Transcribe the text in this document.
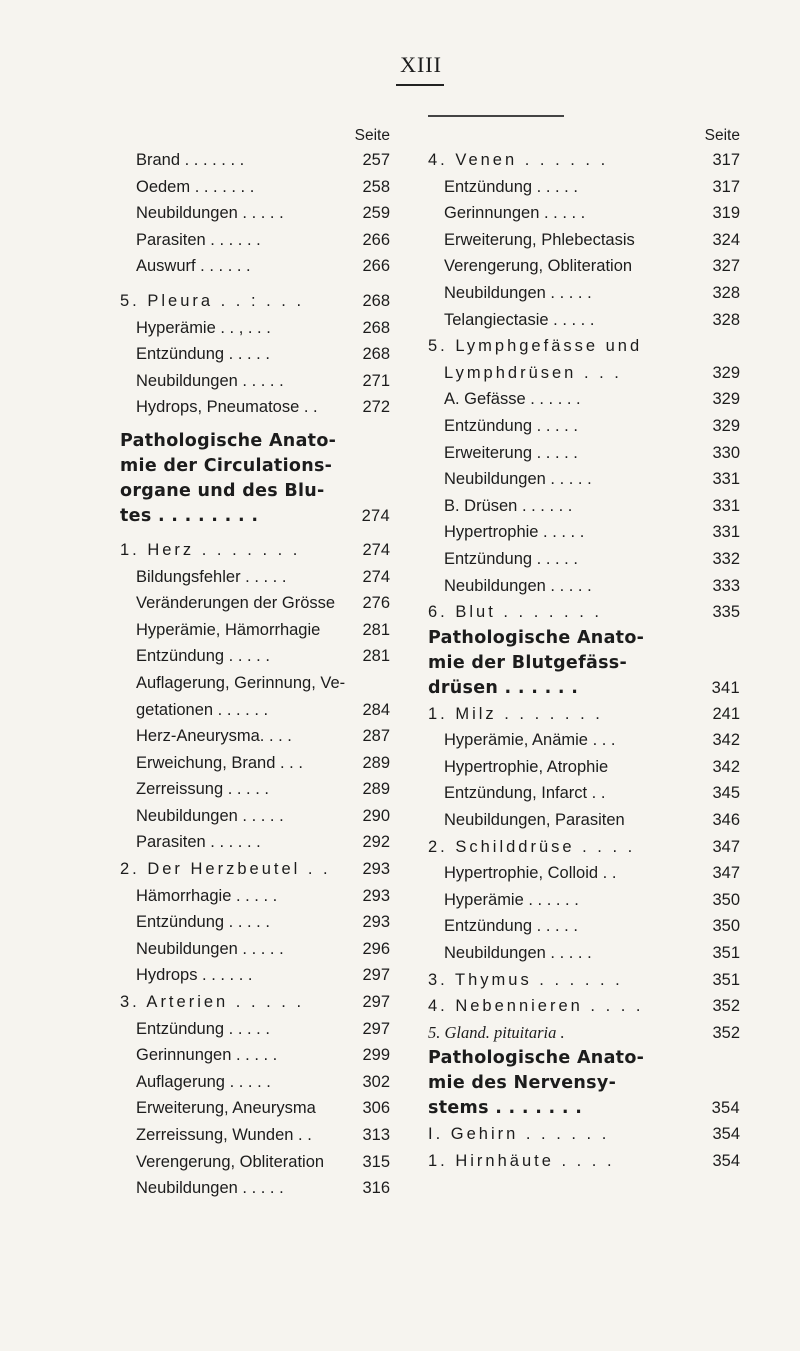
XIII
Seite
Brand . . . . . . .	257
Oedem . . . . . . .	258
Neubildungen . . . . .	259
Parasiten . . . . . .	266
Auswurf . . . . . .	266
5. Pleura . . : . . .	268
Hyperämie . . , . . .	268
Entzündung . . . . .	268
Neubildungen . . . . .	271
Hydrops, Pneumatose . .	272
Pathologische Anato-
mie der Circulations-
organe und des Blu-
tes . . . . . . . .	274
1. Herz . . . . . . .	274
Bildungsfehler . . . . .	274
Veränderungen der Grösse 276
Hyperämie, Hämorrhagie	281
Entzündung . . . . .	281
Auflagerung, Gerinnung, Ve-
getationen . . . . . .	284
Herz-Aneurysma. . . .	287
Erweichung, Brand . . .	289
Zerreissung . . . . .	289
Neubildungen . . . . .	290
Parasiten . . . . . .	292
2. Der Herzbeutel . . 293
Hämorrhagie . . . . .	293
Entzündung . . . . .	293
Neubildungen . . . . .	296
Hydrops . . . . . .	297
3. Arterien . . . . .	297
Entzündung . . . . .	297
Gerinnungen . . . . .	299
Auflagerung . . . . .	302
Erweiterung, Aneurysma	306
Zerreissung, Wunden . .	313
Verengerung, Obliteration 315
Neubildungen . . . . .	316
Seite
4. Venen . . . . . .	317
Entzündung . . . . .	317
Gerinnungen . . . . .	319
Erweiterung, Phlebectasis	324
Verengerung, Obliteration	327
Neubildungen . . . . .	328
Telangiectasie . . . . .	328
5. Lymphgefässe und
Lymphdrüsen . . .	329
A. Gefässe . . . . . .	329
Entzündung . . . . .	329
Erweiterung . . . . .	330
Neubildungen . . . . .	331
B. Drüsen . . . . . .	331
Hypertrophie . . . . .	331
Entzündung . . . . .	332
Neubildungen . . . . .	333
6. Blut . . . . . . .	335
Pathologische Anato-
mie der Blutgefäss-
drüsen . . . . . .	341
1. Milz . . . . . . .	241
Hyperämie, Anämie . . .	342
Hypertrophie, Atrophie	342
Entzündung, Infarct . .	345
Neubildungen, Parasiten	346
2. Schilddrüse . . . .	347
Hypertrophie, Colloid . .	347
Hyperämie . . . . . .	350
Entzündung . . . . .	350
Neubildungen . . . . .	351
3. Thymus . . . . . .	351
4. Nebennieren . . . .	352
5. Gland. pituitaria .	352
Pathologische Anato-
mie des Nervensy-
stems . . . . . . .	354
I. Gehirn . . . . . .	354
1. Hirnhäute . . . .	354
